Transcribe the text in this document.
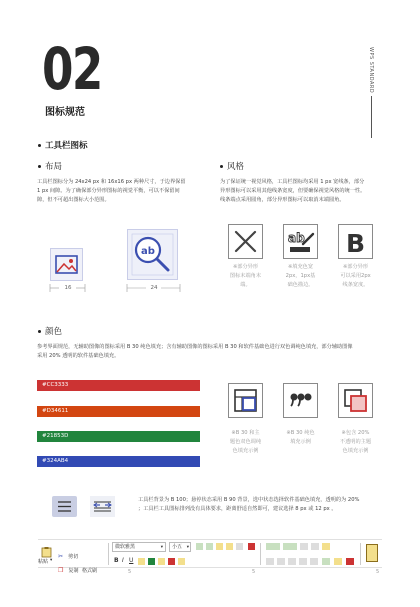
02
图标规范
WPS STANDARD
工具栏图标
布局
工具栏图标分为 24x24 px 和 16x16 px 两种尺寸，于边界保留
1 px 间隙。为了确保部分异形图标的视觉平衡，可以不保留间
隙，但不可超出图标大小范围。
16
ab
24
风格
为了保证统一视觉风格，工具栏图标均采用 1 px 宽线条，部分
异形图标可以采用其他线条宽度，但要确保视觉风格的统一性。
线条端点采用圆角，部分异形图标可以取消末端圆角。
ab B
※部分异形
图标末端角末
端。
※填充色宽
2px，1px基
础色描边。
※部分异形
可以采用2px
线条宽度。
颜色
参考界面规范，无辅助图像的图标采用 B 30 纯色填充；含有辅助图像的图标采用 B 30 和软件基础色进行双色调纯色填充，部分辅助图像
采用 20% 透明的软件基础色填充。
#CC3333
#D34611
#21853D
#324AB4
※B 30 和主
题色双色调纯
色填充示例
※B 30 纯色
填充示例
※包含 20%
不透明的主题
色填充示例
工具栏背景为 B 100；悬停状态采用 B 90 背景，选中状态选择软件基础色填充，透明的为 20%
；工具栏工具图标排列没有具体要求，距离舒适自然即可，建议选择 8 px 或 12 px 。
粘贴 ▾
✂ 剪切
❐ 复制 格式刷
微软雅黑	▾	小五 ▾
B I U
5	5	5
